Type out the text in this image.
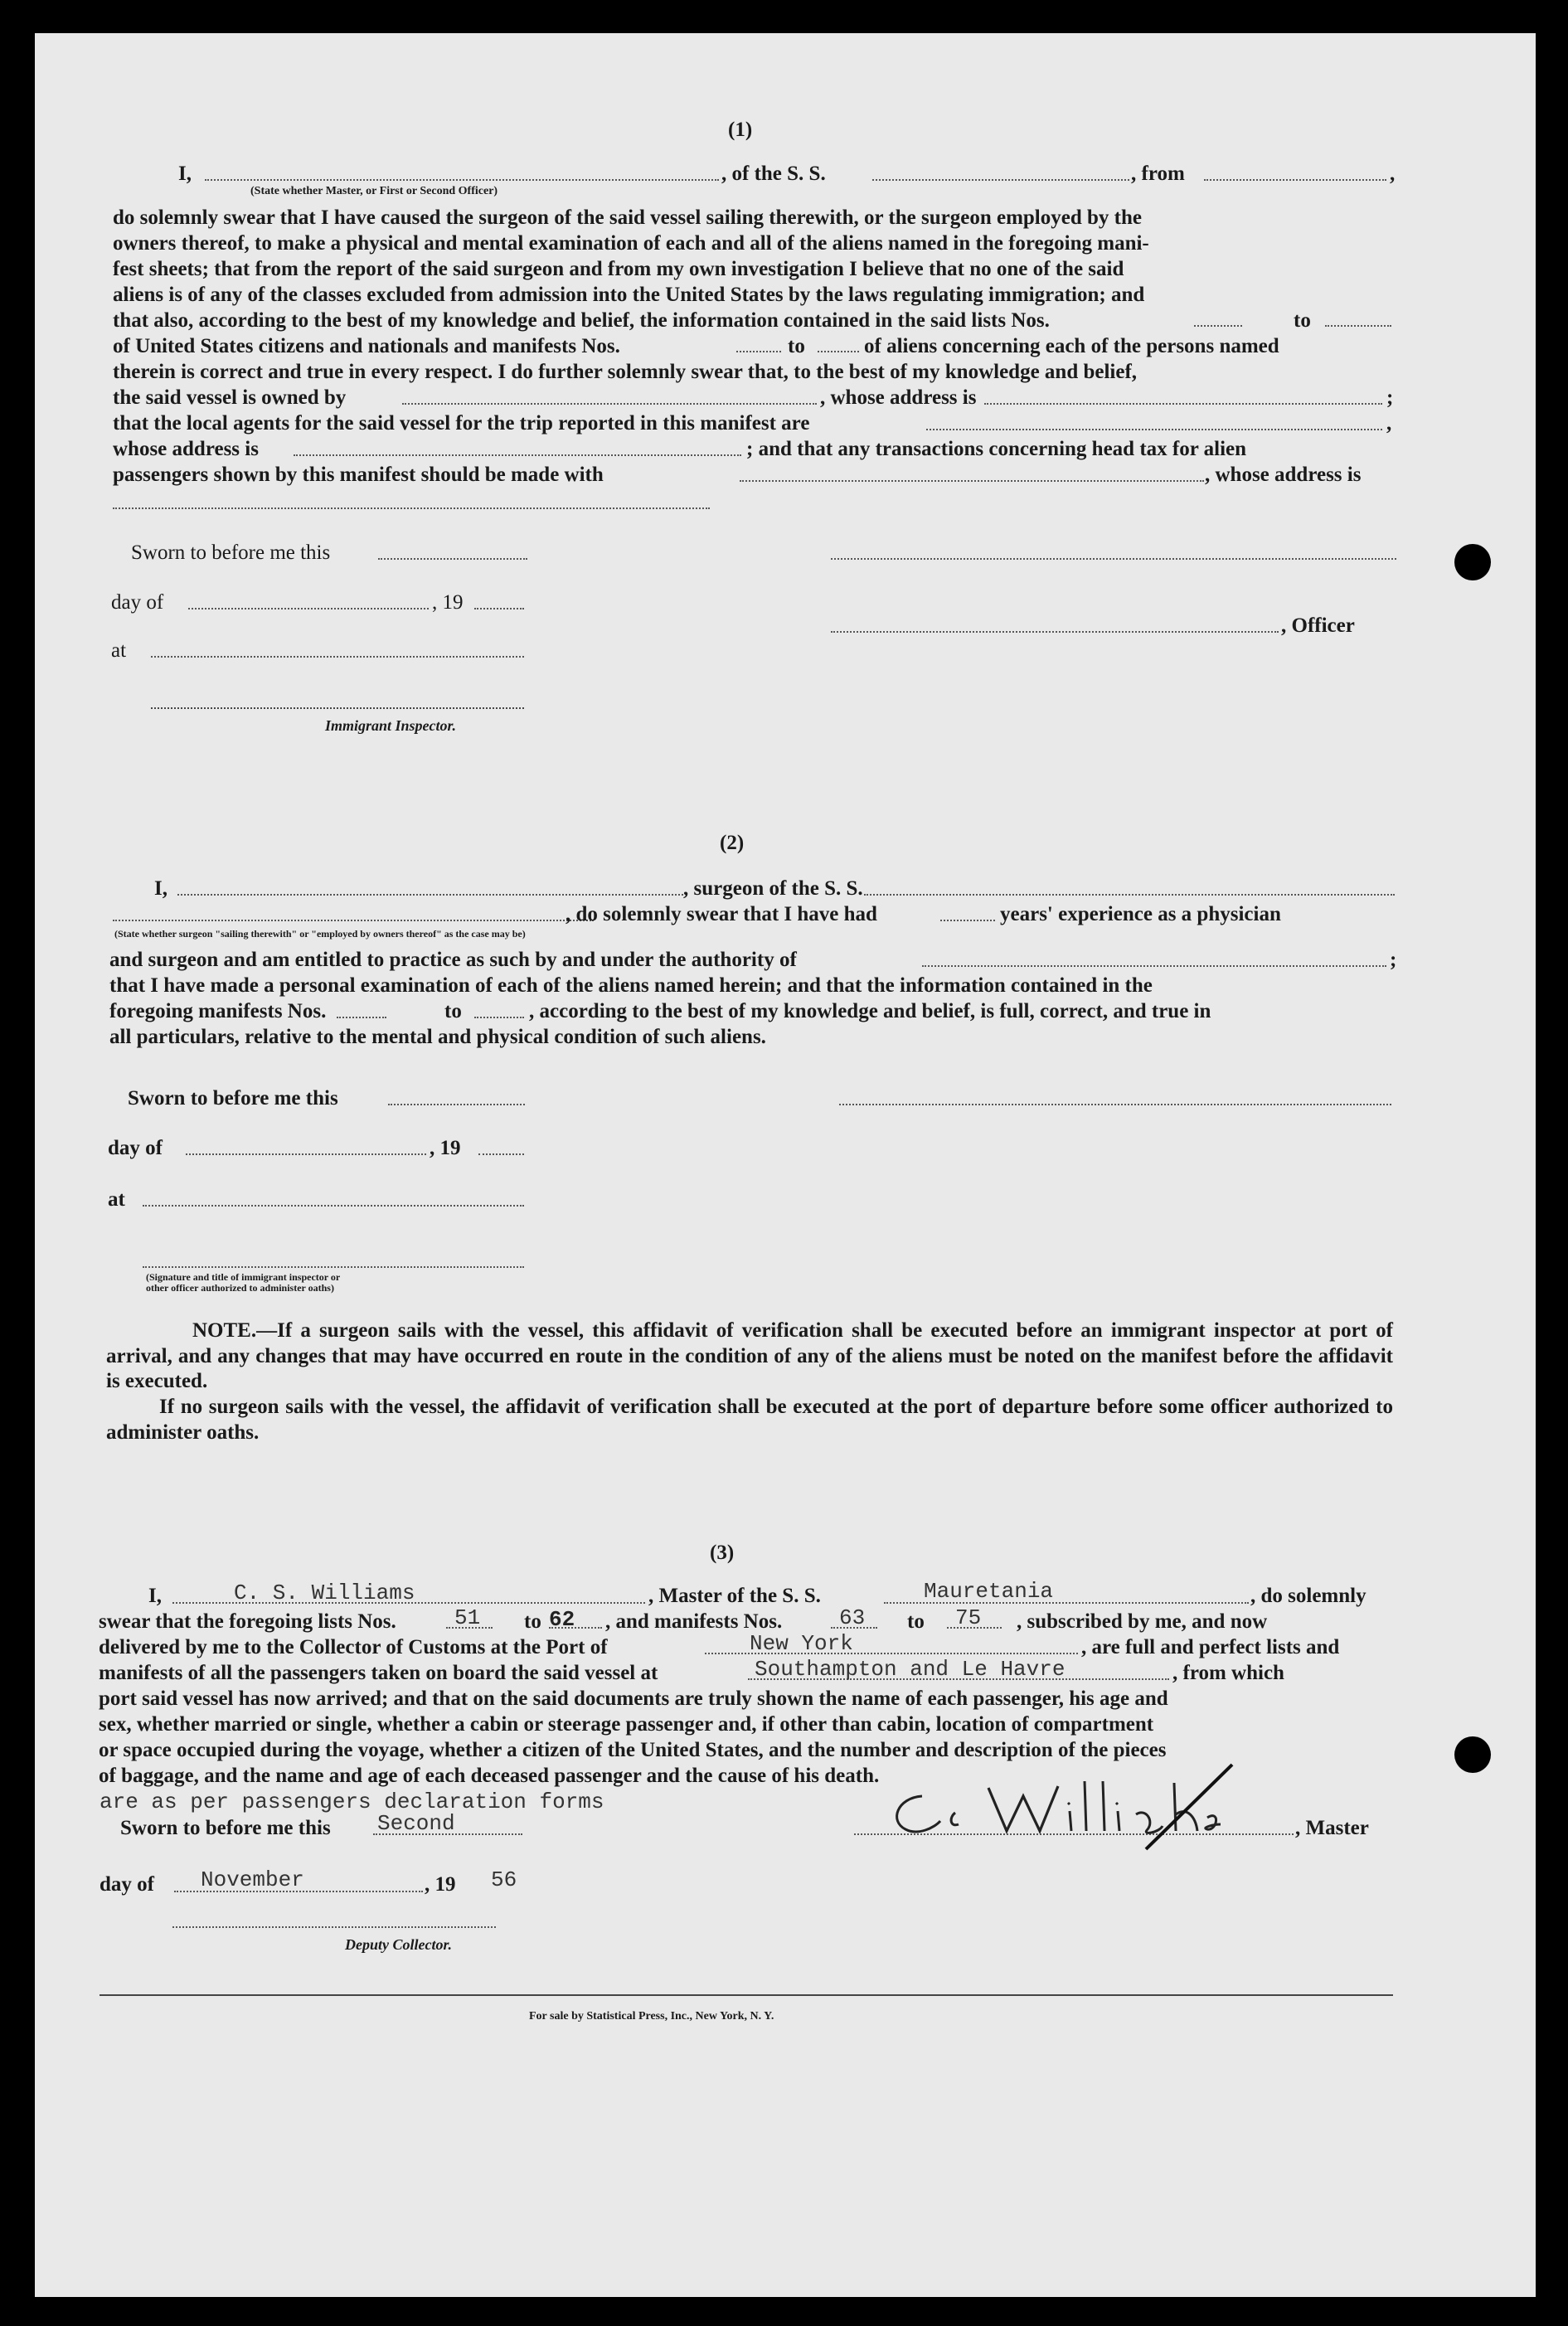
(1)
I,	, of the S. S.	, from	,
(State whether Master, or First or Second Officer)
do solemnly swear that I have caused the surgeon of the said vessel sailing therewith, or the surgeon employed by the
owners thereof, to make a physical and mental examination of each and all of the aliens named in the foregoing mani-
fest sheets; that from the report of the said surgeon and from my own investigation I believe that no one of the said
aliens is of any of the classes excluded from admission into the United States by the laws regulating immigration; and
that also, according to the best of my knowledge and belief, the information contained in the said lists Nos.	to
of United States citizens and nationals and manifests Nos.	to	of aliens concerning each of the persons named
therein is correct and true in every respect. I do further solemnly swear that, to the best of my knowledge and belief,
the said vessel is owned by	, whose address is	;
that the local agents for the said vessel for the trip reported in this manifest are	,
whose address is	; and that any transactions concerning head tax for alien
passengers shown by this manifest should be made with	, whose address is
Sworn to before me this
day of	, 19
at
Immigrant Inspector.
, Officer
(2)
I,	, surgeon of the S. S.
, do solemnly swear that I have had	years' experience as a physician
(State whether surgeon "sailing therewith" or "employed by owners thereof" as the case may be)
and surgeon and am entitled to practice as such by and under the authority of	;
that I have made a personal examination of each of the aliens named herein; and that the information contained in the
foregoing manifests Nos.	to	, according to the best of my knowledge and belief, is full, correct, and true in
all particulars, relative to the mental and physical condition of such aliens.
Sworn to before me this
day of	, 19
at
(Signature and title of immigrant inspector or
other officer authorized to administer oaths)
NOTE.—If a surgeon sails with the vessel, this affidavit of verification shall be executed before an immigrant inspector at port of arrival, and any changes that may have occurred en route in the condition of any of the aliens must be noted on the manifest before the affidavit is executed.
If no surgeon sails with the vessel, the affidavit of verification shall be executed at the port of departure before some officer authorized to administer oaths.
(3)
I,	C. S. Williams	, Master of the S. S.	Mauretania	, do solemnly
swear that the foregoing lists Nos.	51 to 62 , and manifests Nos.	63 to 75 , subscribed by me, and now
delivered by me to the Collector of Customs at the Port of	New York	, are full and perfect lists and
manifests of all the passengers taken on board the said vessel at	Southampton and Le Havre	, from which
port said vessel has now arrived; and that on the said documents are truly shown the name of each passenger, his age and
sex, whether married or single, whether a cabin or steerage passenger and, if other than cabin, location of compartment
or space occupied during the voyage, whether a citizen of the United States, and the number and description of the pieces
of baggage, and the name and age of each deceased passenger and the cause of his death.
are as per passengers declaration forms
Sworn to before me this Second	, Master
day of November	, 19 56
Deputy Collector.
For sale by Statistical Press, Inc., New York, N. Y.
